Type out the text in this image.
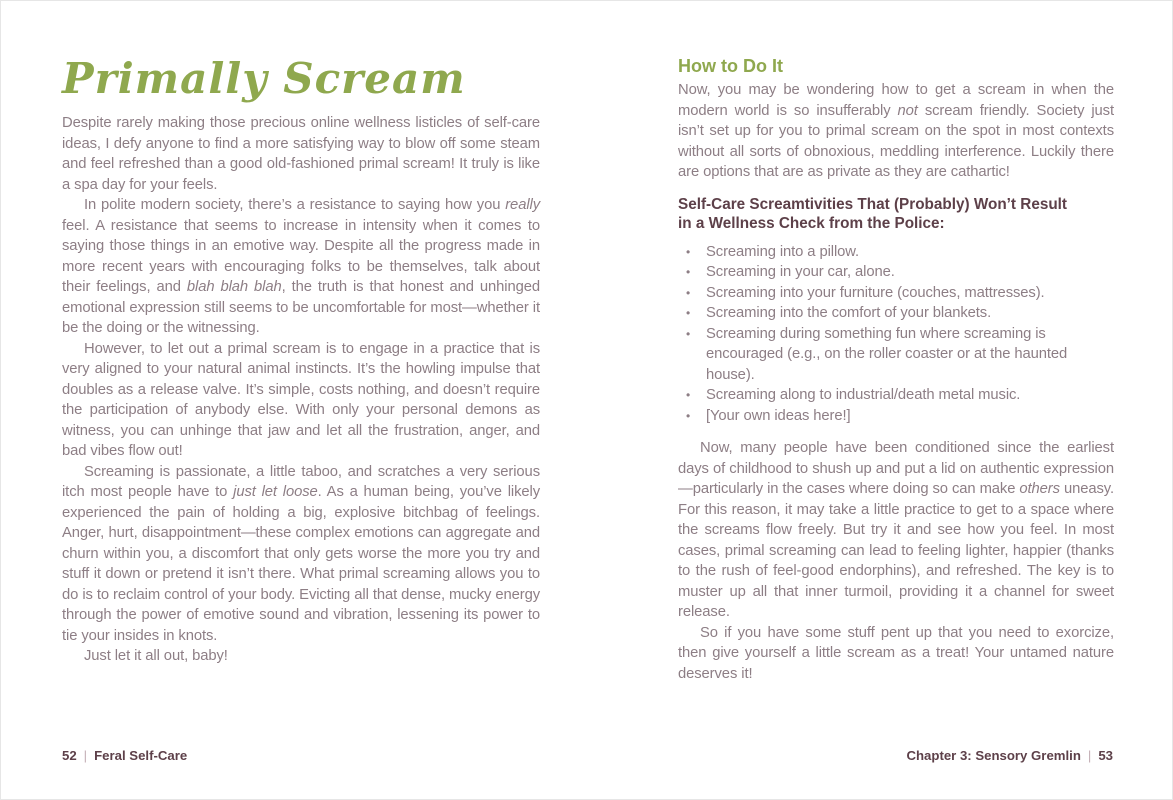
Primally Scream

Despite rarely making those precious online wellness listicles of self-care ideas, I defy anyone to find a more satisfying way to blow off some steam and feel refreshed than a good old-fashioned primal scream! It truly is like a spa day for your feels.

In polite modern society, there’s a resistance to saying how you really feel. A resistance that seems to increase in intensity when it comes to saying those things in an emotive way. Despite all the progress made in more recent years with encouraging folks to be themselves, talk about their feelings, and blah blah blah, the truth is that honest and unhinged emotional expression still seems to be uncomfortable for most—whether it be the doing or the witnessing.

However, to let out a primal scream is to engage in a practice that is very aligned to your natural animal instincts. It’s the howling impulse that doubles as a release valve. It’s simple, costs nothing, and doesn’t require the participation of anybody else. With only your personal demons as witness, you can unhinge that jaw and let all the frustration, anger, and bad vibes flow out!

Screaming is passionate, a little taboo, and scratches a very serious itch most people have to just let loose. As a human being, you’ve likely experienced the pain of holding a big, explosive bitchbag of feelings. Anger, hurt, disappointment—these complex emotions can aggregate and churn within you, a discomfort that only gets worse the more you try and stuff it down or pretend it isn’t there. What primal screaming allows you to do is to reclaim control of your body. Evicting all that dense, mucky energy through the power of emotive sound and vibration, lessening its power to tie your insides in knots.

Just let it all out, baby!

How to Do It

Now, you may be wondering how to get a scream in when the modern world is so insufferably not scream friendly. Society just isn’t set up for you to primal scream on the spot in most contexts without all sorts of obnoxious, meddling interference. Luckily there are options that are as private as they are cathartic!

Self-Care Screamtivities That (Probably) Won’t Result
in a Wellness Check from the Police:
• Screaming into a pillow.
• Screaming in your car, alone.
• Screaming into your furniture (couches, mattresses).
• Screaming into the comfort of your blankets.
• Screaming during something fun where screaming is encouraged (e.g., on the roller coaster or at the haunted house).
• Screaming along to industrial/death metal music.
• [Your own ideas here!]

Now, many people have been conditioned since the earliest days of childhood to shush up and put a lid on authentic expression—particularly in the cases where doing so can make others uneasy. For this reason, it may take a little practice to get to a space where the screams flow freely. But try it and see how you feel. In most cases, primal screaming can lead to feeling lighter, happier (thanks to the rush of feel-good endorphins), and refreshed. The key is to muster up all that inner turmoil, providing it a channel for sweet release.

So if you have some stuff pent up that you need to exorcize, then give yourself a little scream as a treat! Your untamed nature deserves it!

52 | Feral Self-Care	Chapter 3: Sensory Gremlin | 53
